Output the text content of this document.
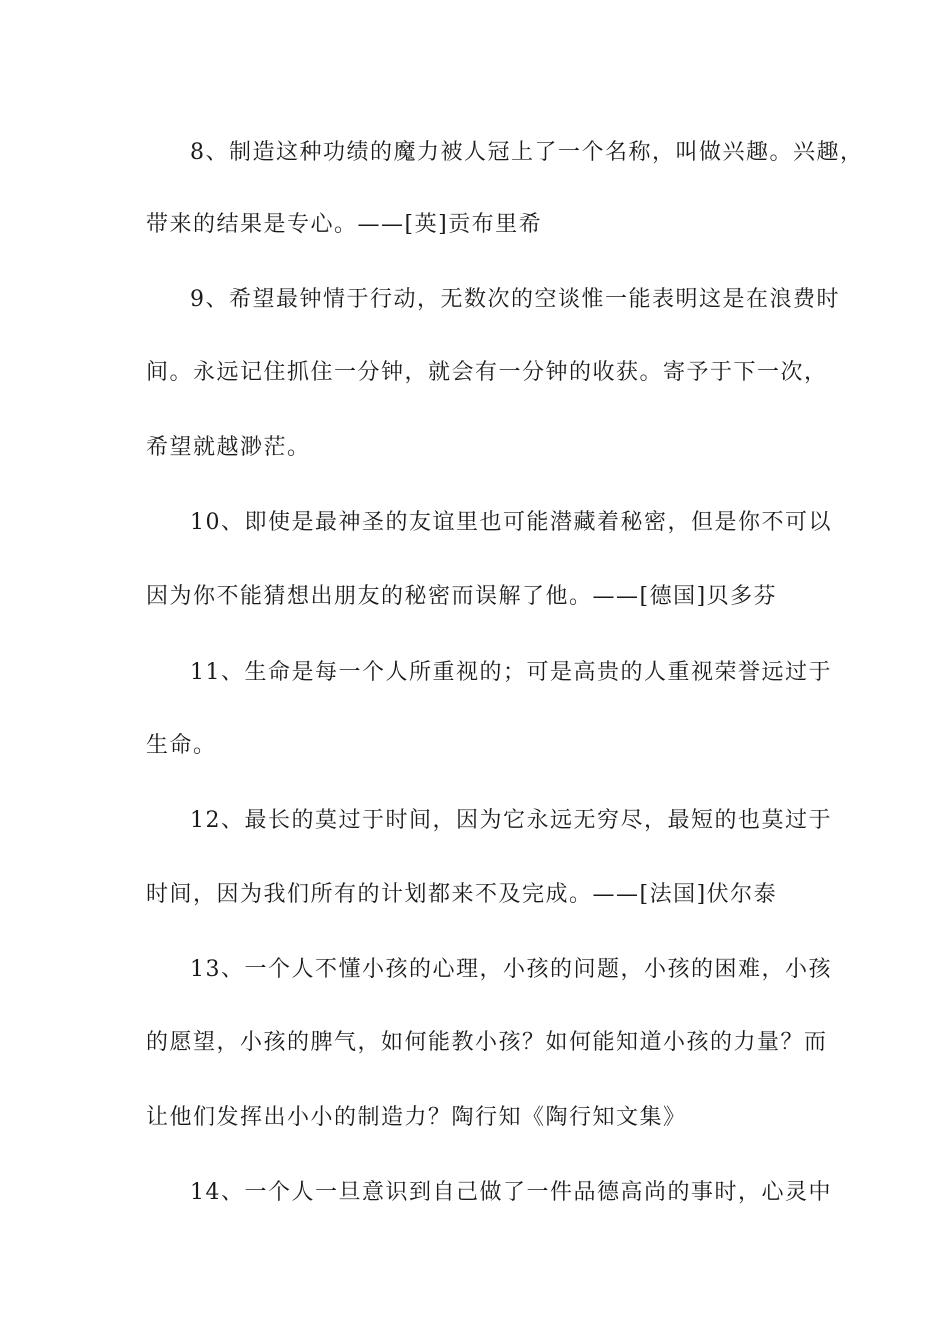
8、制造这种功绩的魔力被人冠上了一个名称，叫做兴趣。兴趣，
带来的结果是专心。——[英]贡布里希
9、希望最钟情于行动，无数次的空谈惟一能表明这是在浪费时
间。永远记住抓住一分钟，就会有一分钟的收获。寄予于下一次，
希望就越渺茫。
10、即使是最神圣的友谊里也可能潜藏着秘密，但是你不可以
因为你不能猜想出朋友的秘密而误解了他。——[德国]贝多芬
11、生命是每一个人所重视的；可是高贵的人重视荣誉远过于
生命。
12、最长的莫过于时间，因为它永远无穷尽，最短的也莫过于
时间，因为我们所有的计划都来不及完成。——[法国]伏尔泰
13、一个人不懂小孩的心理，小孩的问题，小孩的困难，小孩
的愿望，小孩的脾气，如何能教小孩？如何能知道小孩的力量？而
让他们发挥出小小的制造力？陶行知《陶行知文集》
14、一个人一旦意识到自己做了一件品德高尚的事时，心灵中
